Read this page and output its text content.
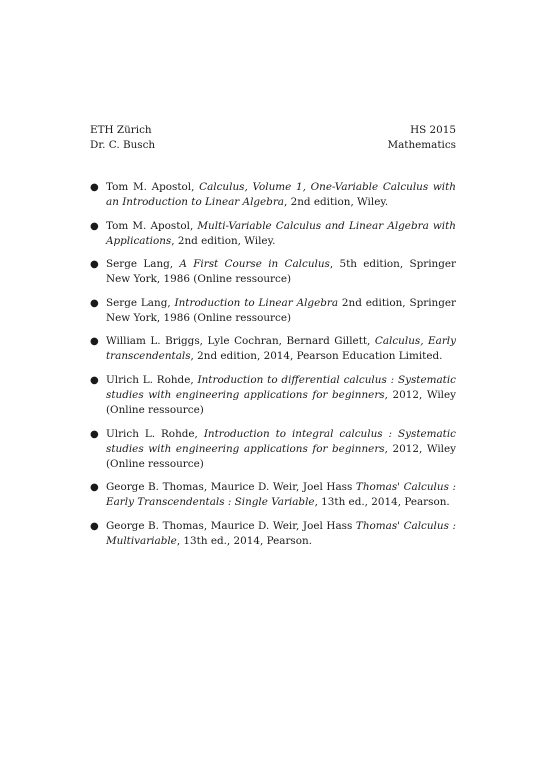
ETH Zürich	HS 2015
Dr. C. Busch	Mathematics
● Tom M. Apostol, Calculus, Volume 1, One-Variable Calculus with an Introduction to Linear Algebra, 2nd edition, Wiley.
● Tom M. Apostol, Multi-Variable Calculus and Linear Algebra with Applications, 2nd edition, Wiley.
● Serge Lang, A First Course in Calculus, 5th edition, Springer New York, 1986 (Online ressource)
● Serge Lang, Introduction to Linear Algebra 2nd edition, Springer New York, 1986 (Online ressource)
● William L. Briggs, Lyle Cochran, Bernard Gillett, Calculus, Early transcendentals, 2nd edition, 2014, Pearson Education Limited.
● Ulrich L. Rohde, Introduction to differential calculus : Systematic studies with engineering applications for beginners, 2012, Wiley (Online ressource)
● Ulrich L. Rohde, Introduction to integral calculus : Systematic studies with engineering applications for beginners, 2012, Wiley (Online ressource)
● George B. Thomas, Maurice D. Weir, Joel Hass Thomas' Calculus : Early Transcendentals : Single Variable, 13th ed., 2014, Pearson.
● George B. Thomas, Maurice D. Weir, Joel Hass Thomas' Calculus : Multivariable, 13th ed., 2014, Pearson.
